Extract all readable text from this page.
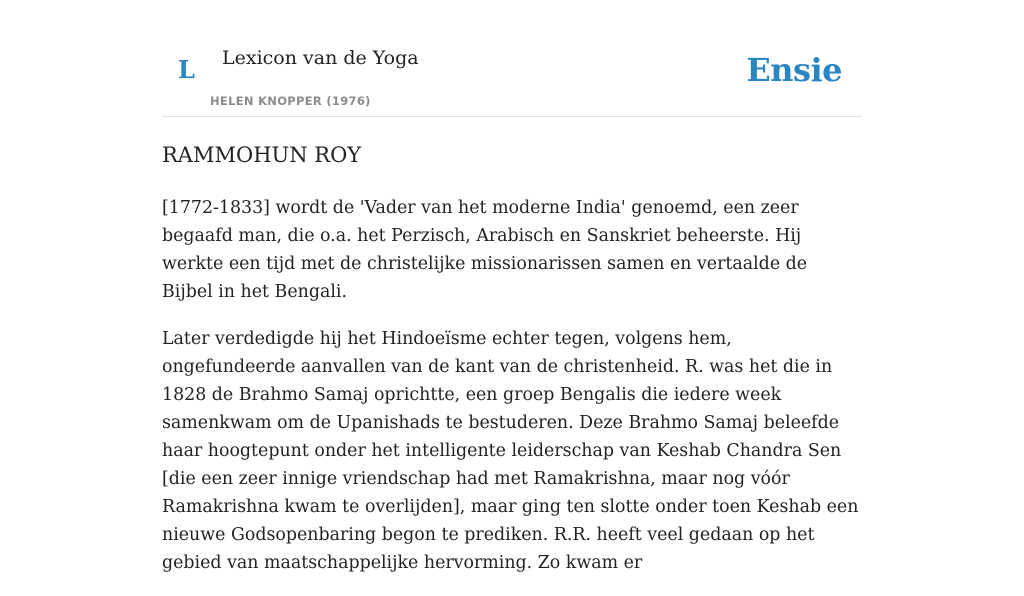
L Lexicon van de Yoga
HELEN KNOPPER (1976)
Ensie
RAMMOHUN ROY

[1772-1833] wordt de 'Vader van het moderne India' genoemd, een zeer begaafd man, die o.a. het Perzisch, Arabisch en Sanskriet beheerste. Hij werkte een tijd met de christelijke missionarissen samen en vertaalde de Bijbel in het Bengali.

Later verdedigde hij het Hindoeïsme echter tegen, volgens hem, ongefundeerde aanvallen van de kant van de christenheid. R. was het die in 1828 de Brahmo Samaj oprichtte, een groep Bengalis die iedere week samenkwam om de Upanishads te bestuderen. Deze Brahmo Samaj beleefde haar hoogtepunt onder het intelligente leiderschap van Keshab Chandra Sen [die een zeer innige vriendschap had met Ramakrishna, maar nog vóór Ramakrishna kwam te overlijden], maar ging ten slotte onder toen Keshab een nieuwe Godsopenbaring begon te prediken. R.R. heeft veel gedaan op het gebied van maatschappelijke hervorming. Zo kwam er
